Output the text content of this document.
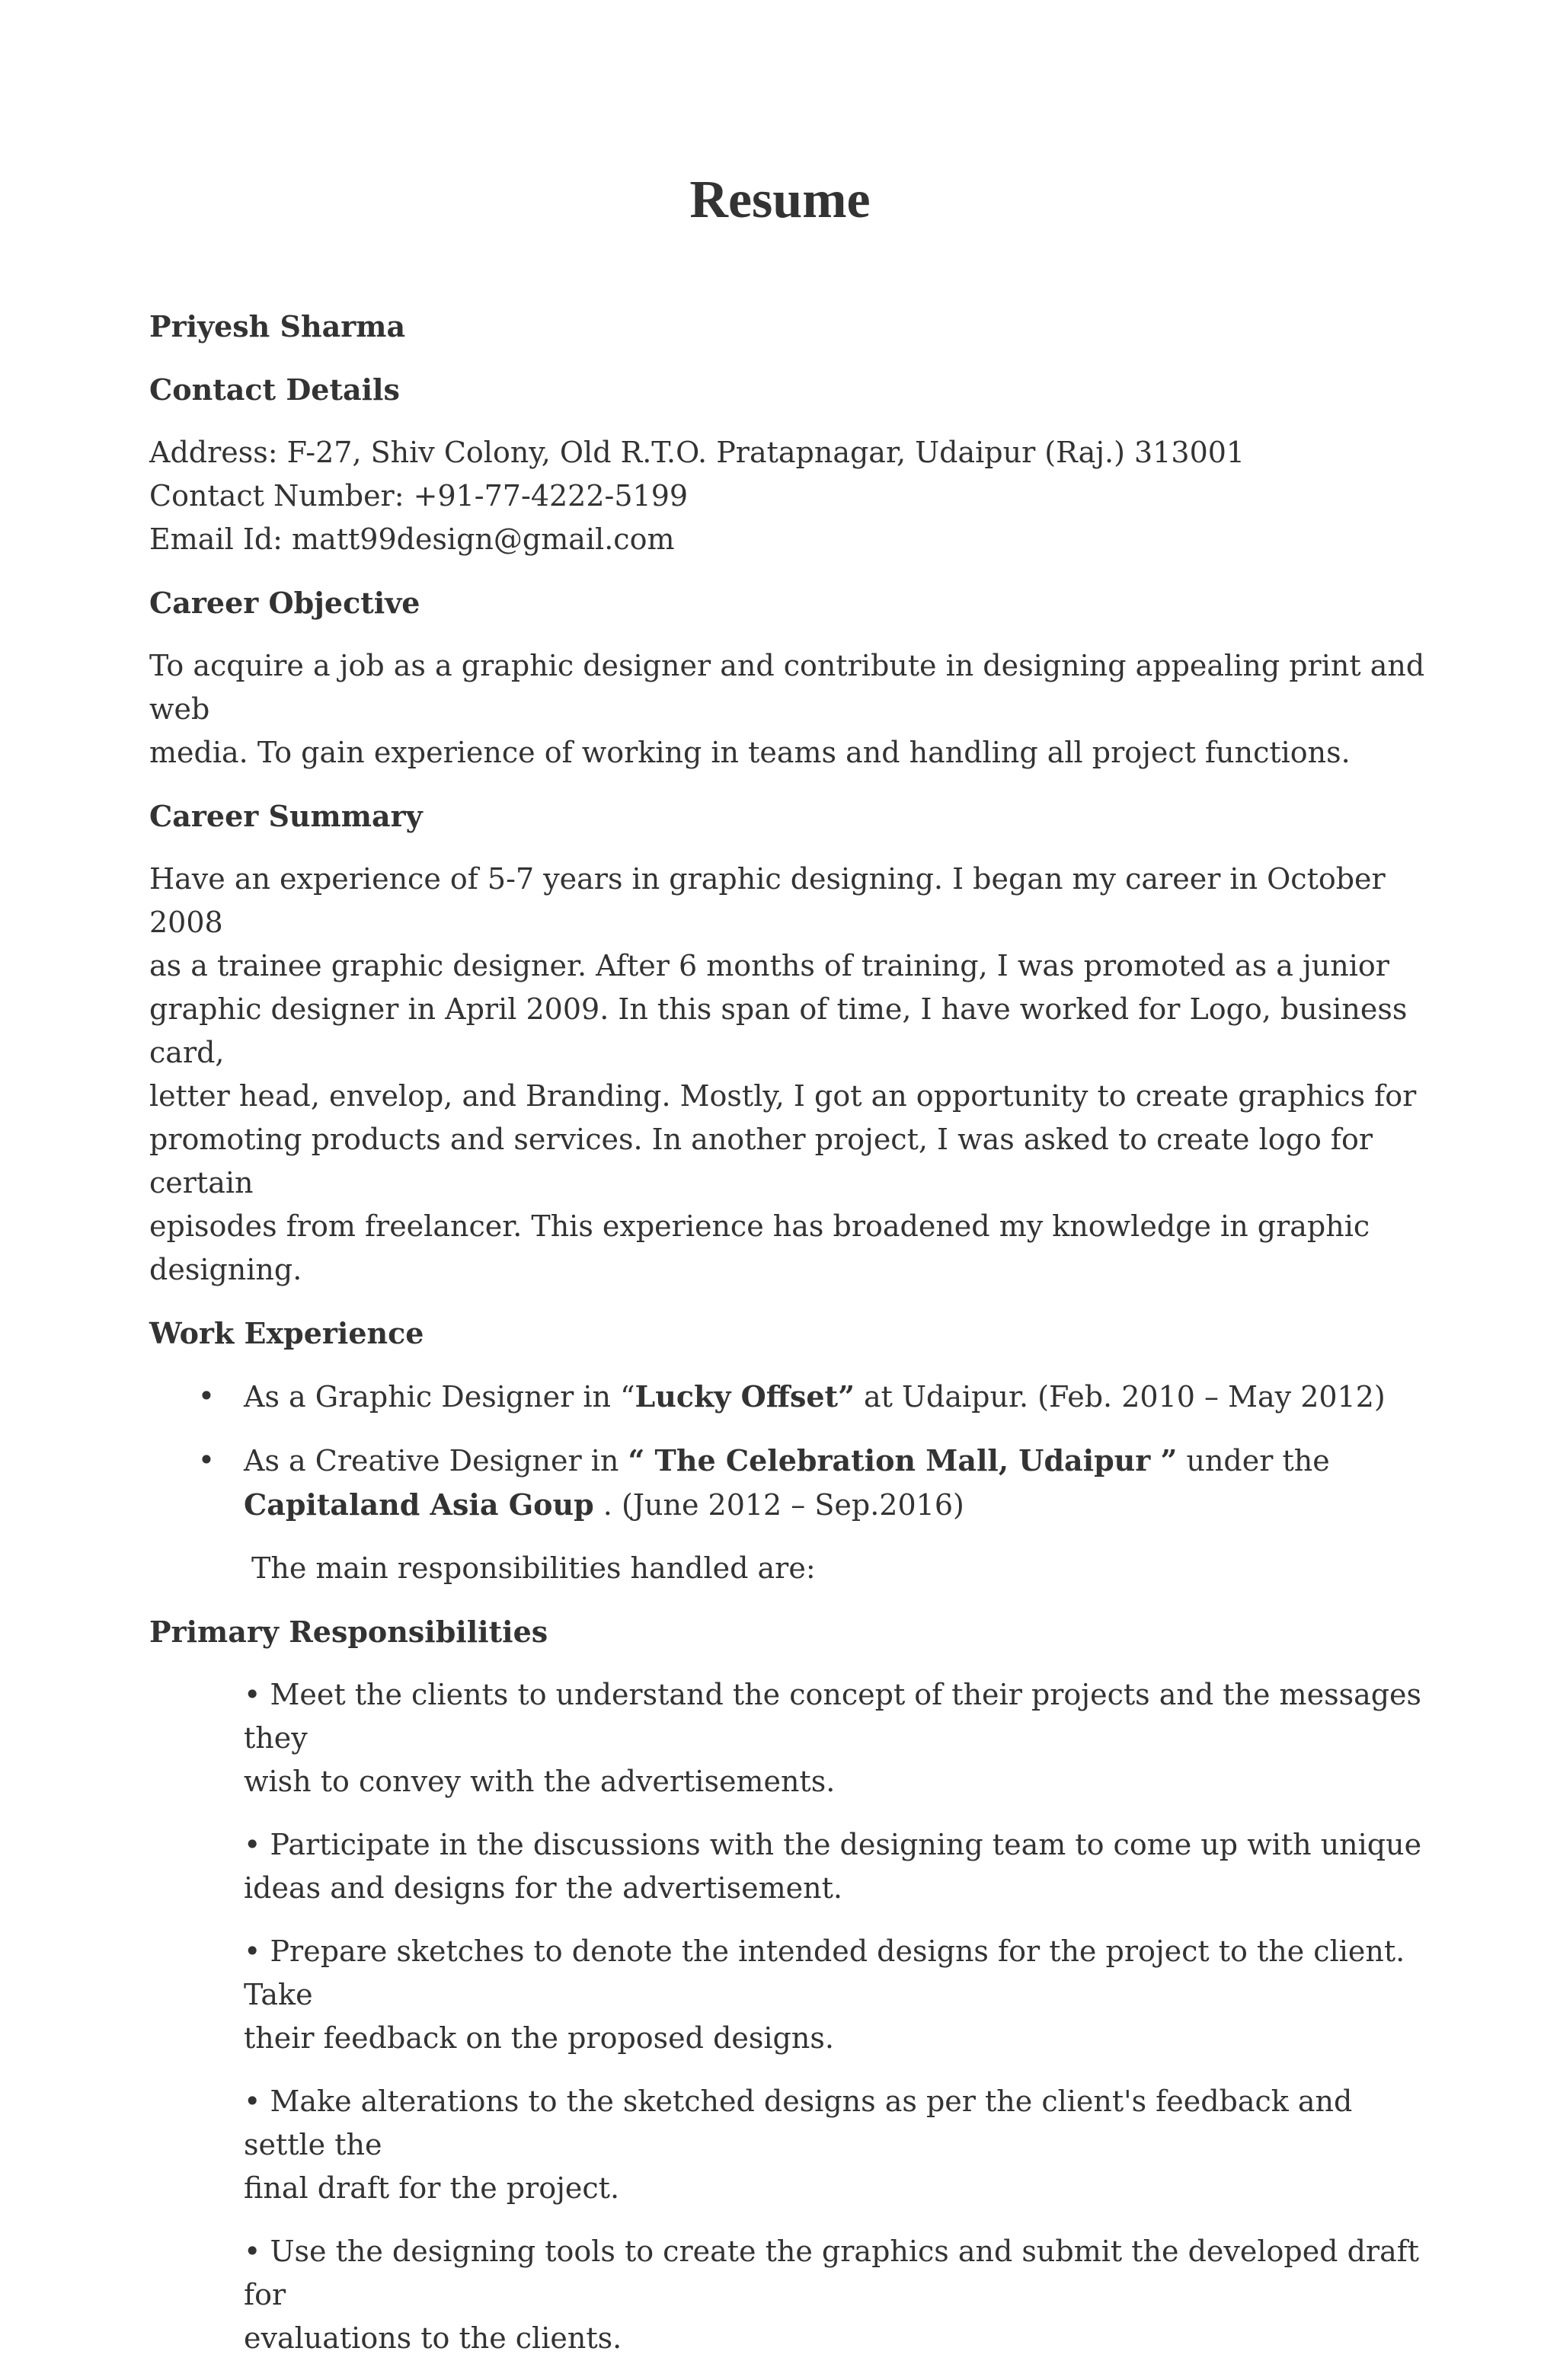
Resume
Priyesh Sharma
Contact Details
Address: F-27, Shiv Colony, Old R.T.O. Pratapnagar, Udaipur (Raj.) 313001
Contact Number: +91-77-4222-5199
Email Id: matt99design@gmail.com
Career Objective
To acquire a job as a graphic designer and contribute in designing appealing print and web
media. To gain experience of working in teams and handling all project functions.
Career Summary
Have an experience of 5-7 years in graphic designing. I began my career in October 2008
as a trainee graphic designer. After 6 months of training, I was promoted as a junior
graphic designer in April 2009. In this span of time, I have worked for Logo, business card,
letter head, envelop, and Branding. Mostly, I got an opportunity to create graphics for
promoting products and services. In another project, I was asked to create logo for certain
episodes from freelancer. This experience has broadened my knowledge in graphic
designing.
Work Experience
• As a Graphic Designer in “Lucky Offset” at Udaipur. (Feb. 2010 – May 2012)
• As a Creative Designer in “ The Celebration Mall, Udaipur ” under the
Capitaland Asia Goup . (June 2012 – Sep.2016)
The main responsibilities handled are:
Primary Responsibilities
• Meet the clients to understand the concept of their projects and the messages they
wish to convey with the advertisements.
• Participate in the discussions with the designing team to come up with unique
ideas and designs for the advertisement.
• Prepare sketches to denote the intended designs for the project to the client. Take
their feedback on the proposed designs.
• Make alterations to the sketched designs as per the client's feedback and settle the
final draft for the project.
• Use the designing tools to create the graphics and submit the developed draft for
evaluations to the clients.
